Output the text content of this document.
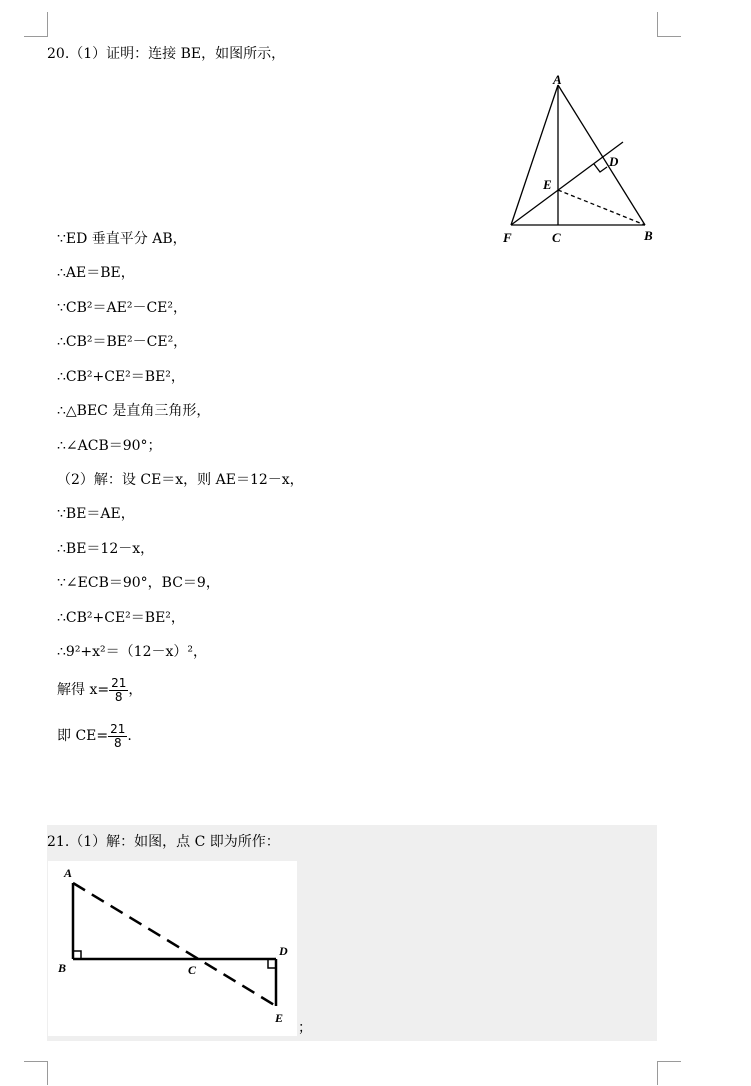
20.（1）证明：连接 BE，如图所示，
A
D
E
F	C	B
∵ED 垂直平分 AB，
∴AE＝BE，
∵CB²＝AE²－CE²，
∴CB²＝BE²－CE²，
∴CB²+CE²＝BE²，
∴△BEC 是直角三角形，
∴∠ACB＝90°；
（2）解：设 CE＝x，则 AE＝12－x，
∵BE＝AE，
∴BE＝12－x，
∵∠ECB＝90°，BC＝9，
∴CB²+CE²＝BE²，
∴9²+x²＝（12－x）²，
解得 $x= \frac{21}{8}$ ，
即 $CE= \frac{21}{8}$ .
21.（1）解：如图，点 C 即为所作：
A
B	C
D
E
；
